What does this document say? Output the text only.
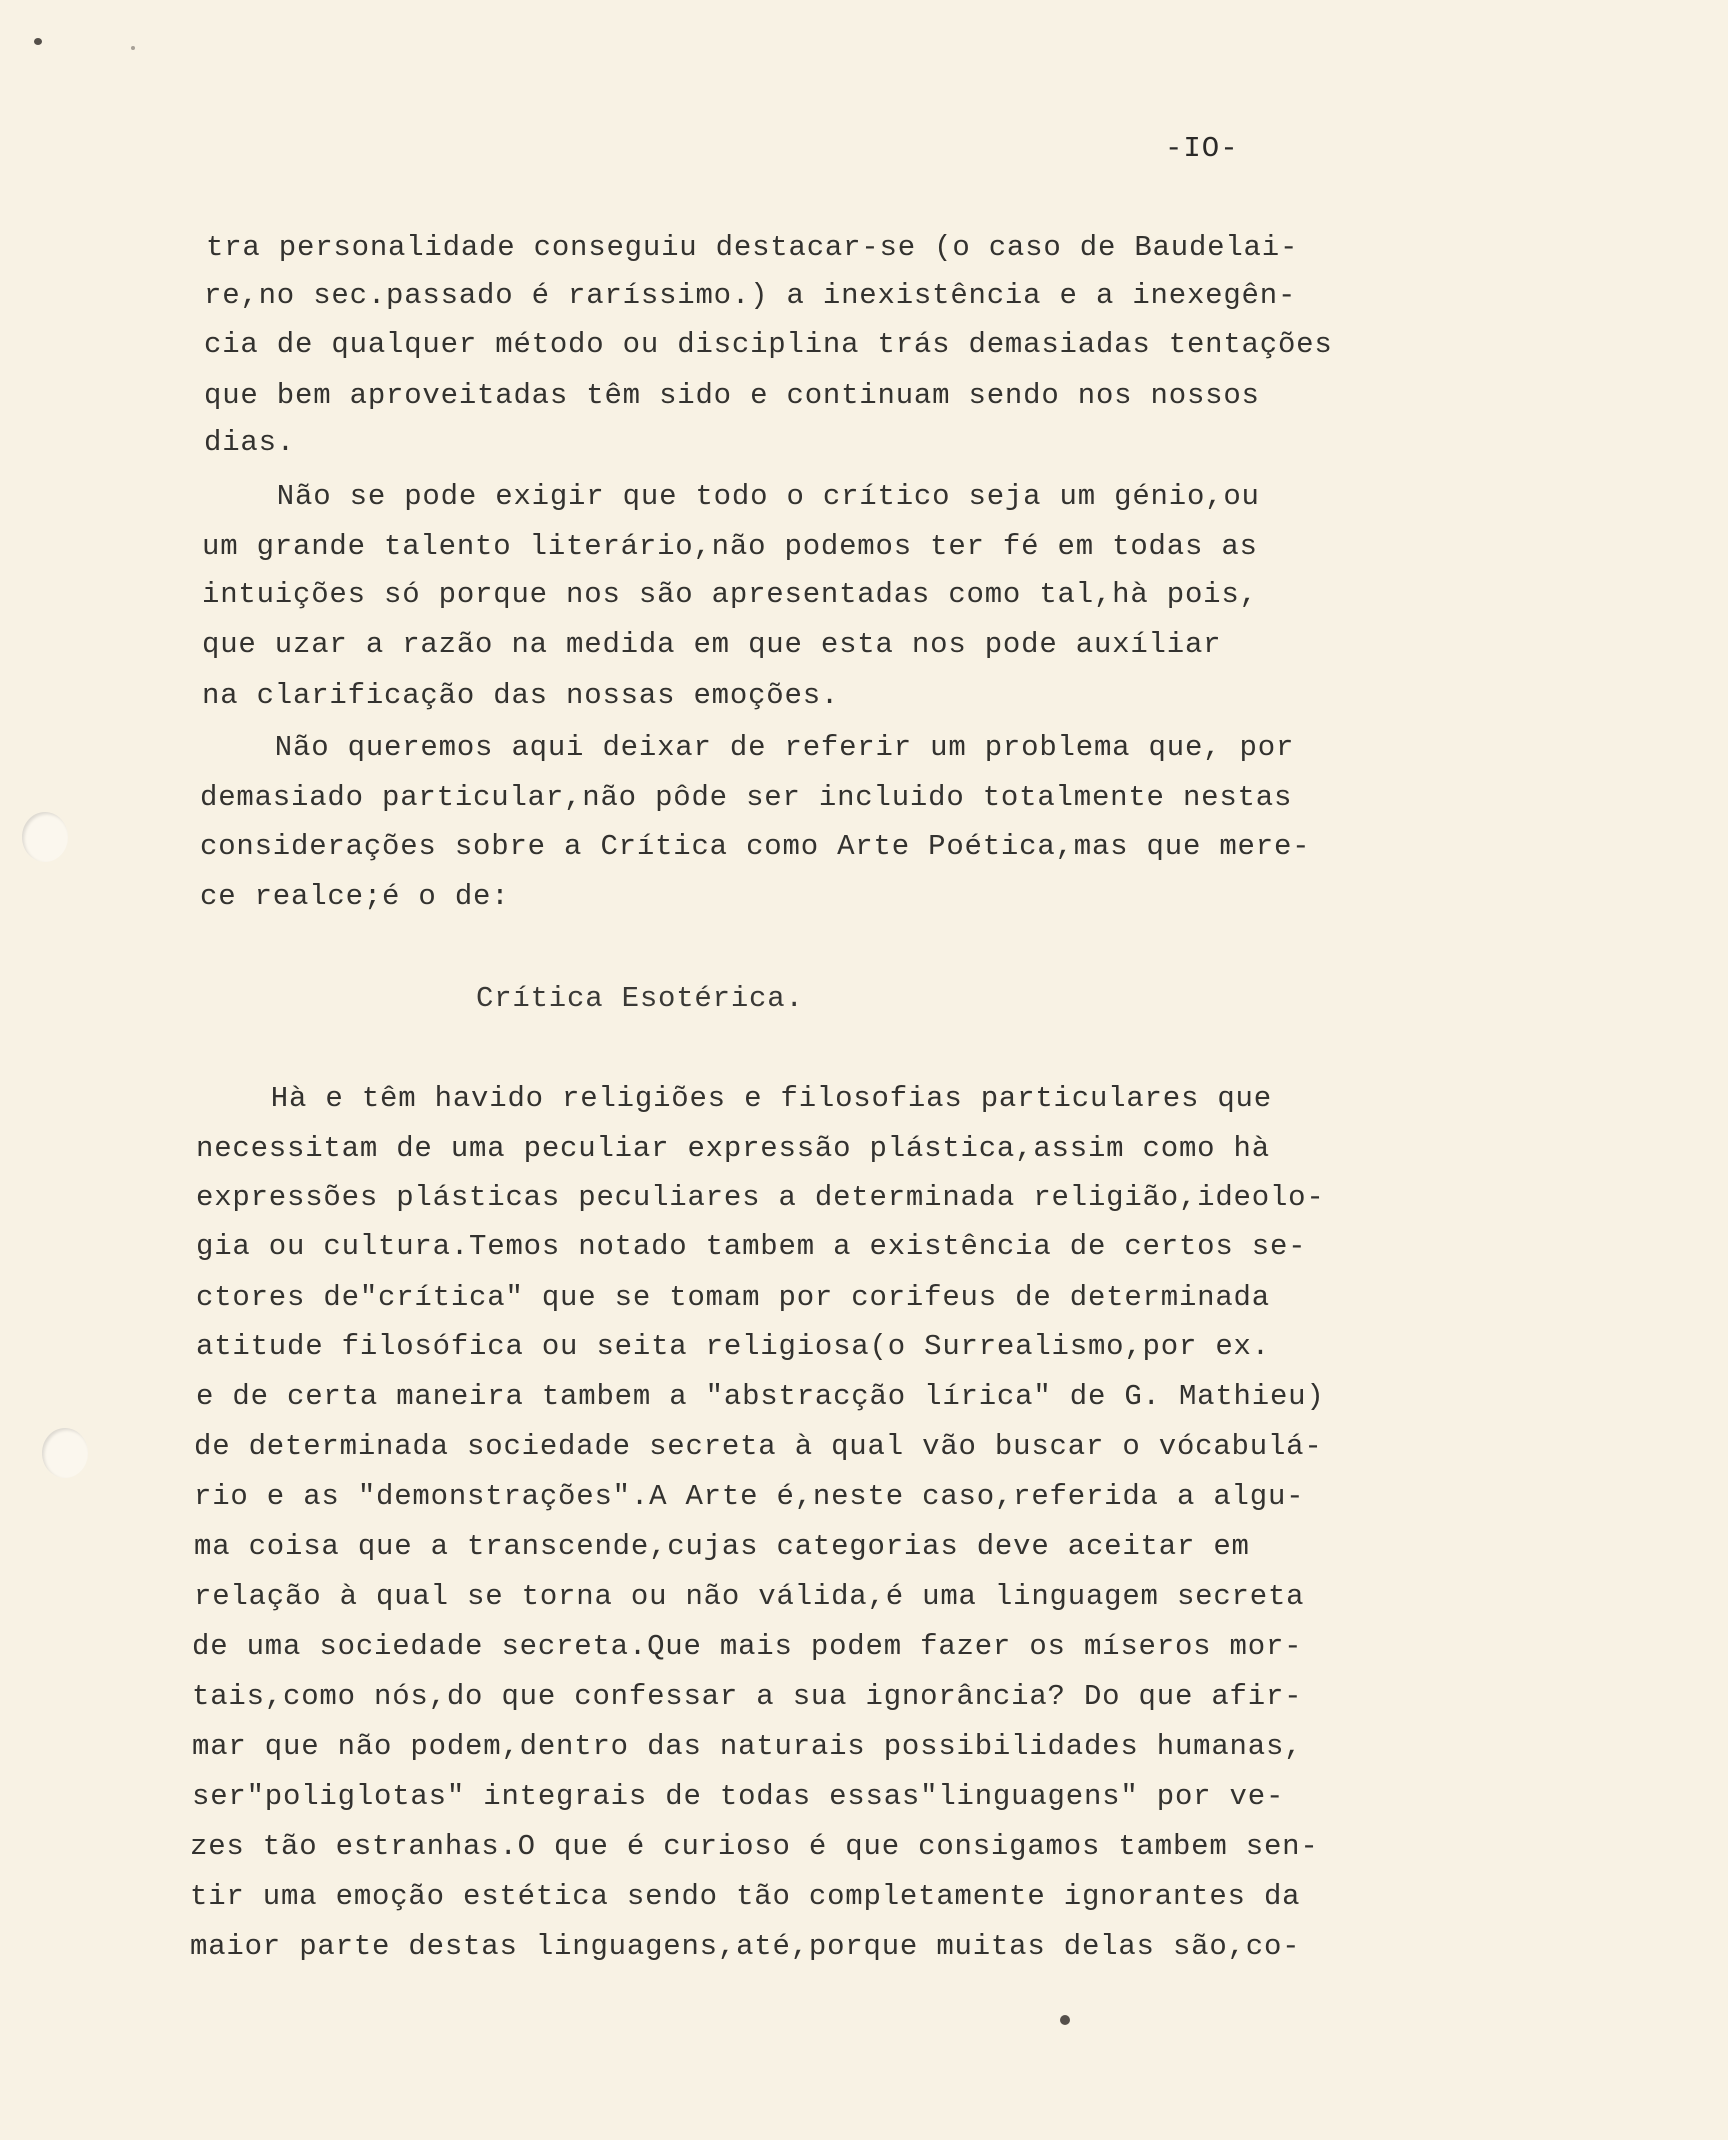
-IO-
tra personalidade conseguiu destacar-se (o caso de Baudelai-
re,no sec.passado é raríssimo.) a inexistência e a inexegên-
cia de qualquer método ou disciplina trás demasiadas tentações
que bem aproveitadas têm sido e continuam sendo nos nossos
dias.
Não se pode exigir que todo o crítico seja um génio,ou
um grande talento literário,não podemos ter fé em todas as
intuições só porque nos são apresentadas como tal,hà pois,
que uzar a razão na medida em que esta nos pode auxíliar
na clarificação das nossas emoções.
Não queremos aqui deixar de referir um problema que, por
demasiado particular,não pôde ser incluido totalmente nestas
considerações sobre a Crítica como Arte Poética,mas que mere-
ce realce;é o de:
Crítica Esotérica.
Hà e têm havido religiões e filosofias particulares que
necessitam de uma peculiar expressão plástica,assim como hà
expressões plásticas peculiares a determinada religião,ideolo-
gia ou cultura.Temos notado tambem a existência de certos se-
ctores de"crítica" que se tomam por corifeus de determinada
atitude filosófica ou seita religiosa(o Surrealismo,por ex.
e de certa maneira tambem a "abstracção lírica" de G. Mathieu)
de determinada sociedade secreta à qual vão buscar o vócabulá-
rio e as "demonstrações".A Arte é,neste caso,referida a algu-
ma coisa que a transcende,cujas categorias deve aceitar em
relação à qual se torna ou não válida,é uma linguagem secreta
de uma sociedade secreta.Que mais podem fazer os míseros mor-
tais,como nós,do que confessar a sua ignorância? Do que afir-
mar que não podem,dentro das naturais possibilidades humanas,
ser"poliglotas" integrais de todas essas"linguagens" por ve-
zes tão estranhas.O que é curioso é que consigamos tambem sen-
tir uma emoção estética sendo tão completamente ignorantes da
maior parte destas linguagens,até,porque muitas delas são,co-
